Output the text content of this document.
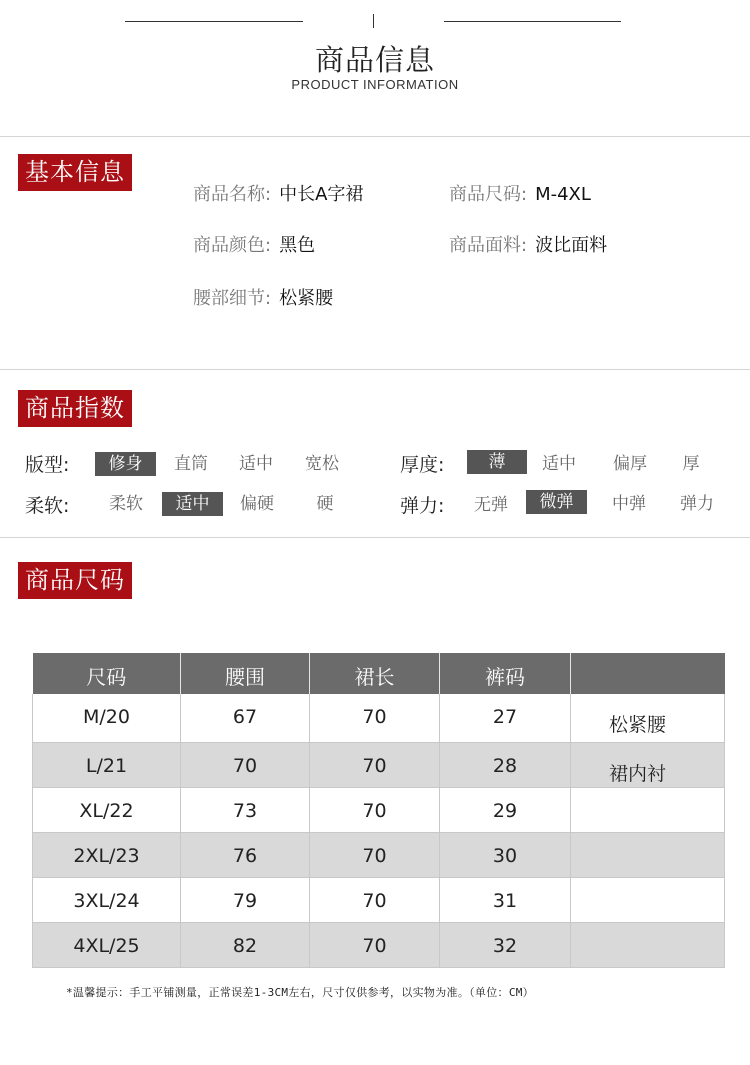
商品信息
PRODUCT INFORMATION
基本信息
商品名称: 中长A字裙	商品尺码: M-4XL
商品颜色: 黑色	商品面料: 波比面料
腰部细节: 松紧腰
商品指数
版型:	修身	直筒	适中	宽松	厚度:	薄	适中	偏厚	厚
柔软:	柔软	适中	偏硬	硬	弹力:	无弹	微弹	中弹	弹力
商品尺码
尺码	腰围	裙长	裤码	
M/20	67	70	27	松紧腰
L/21	70	70	28	裙内衬
XL/22	73	70	29	
2XL/23	76	70	30	
3XL/24	79	70	31	
4XL/25	82	70	32	
*温馨提示：手工平铺测量，正常误差1-3CM左右，尺寸仅供参考，以实物为准。（单位：CM）
